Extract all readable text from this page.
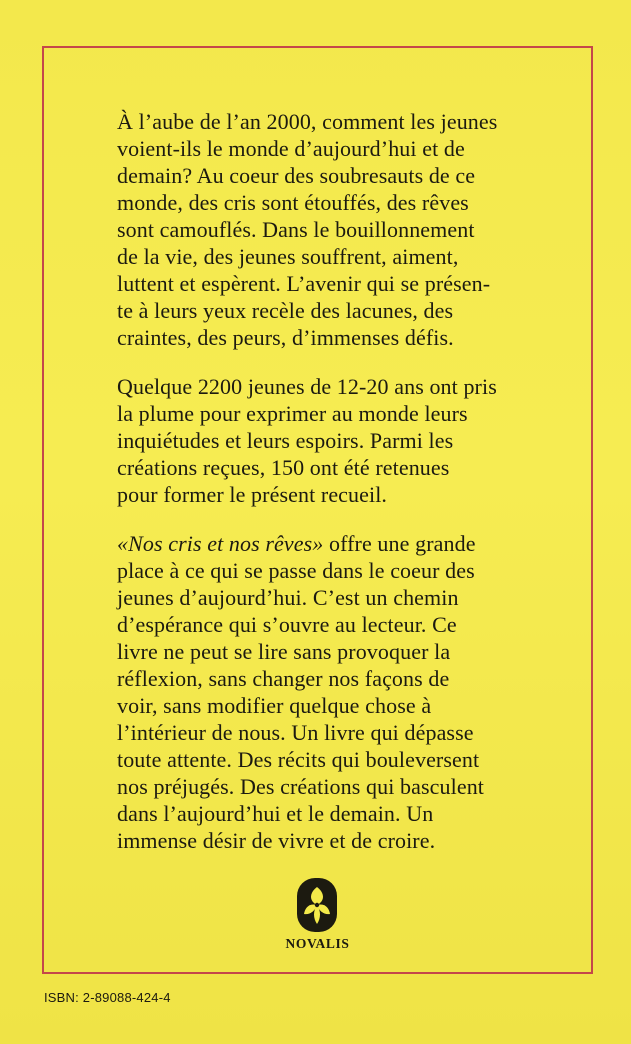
À l’aube de l’an 2000, comment les jeunes
voient-ils le monde d’aujourd’hui et de
demain? Au coeur des soubresauts de ce
monde, des cris sont étouffés, des rêves
sont camouflés. Dans le bouillonnement
de la vie, des jeunes souffrent, aiment,
luttent et espèrent. L’avenir qui se présen-
te à leurs yeux recèle des lacunes, des
craintes, des peurs, d’immenses défis.

Quelque 2200 jeunes de 12-20 ans ont pris
la plume pour exprimer au monde leurs
inquiétudes et leurs espoirs. Parmi les
créations reçues, 150 ont été retenues
pour former le présent recueil.

«Nos cris et nos rêves» offre une grande
place à ce qui se passe dans le coeur des
jeunes d’aujourd’hui. C’est un chemin
d’espérance qui s’ouvre au lecteur. Ce
livre ne peut se lire sans provoquer la
réflexion, sans changer nos façons de
voir, sans modifier quelque chose à
l’intérieur de nous. Un livre qui dépasse
toute attente. Des récits qui bouleversent
nos préjugés. Des créations qui basculent
dans l’aujourd’hui et le demain. Un
immense désir de vivre et de croire.

NOVALIS
ISBN: 2-89088-424-4
